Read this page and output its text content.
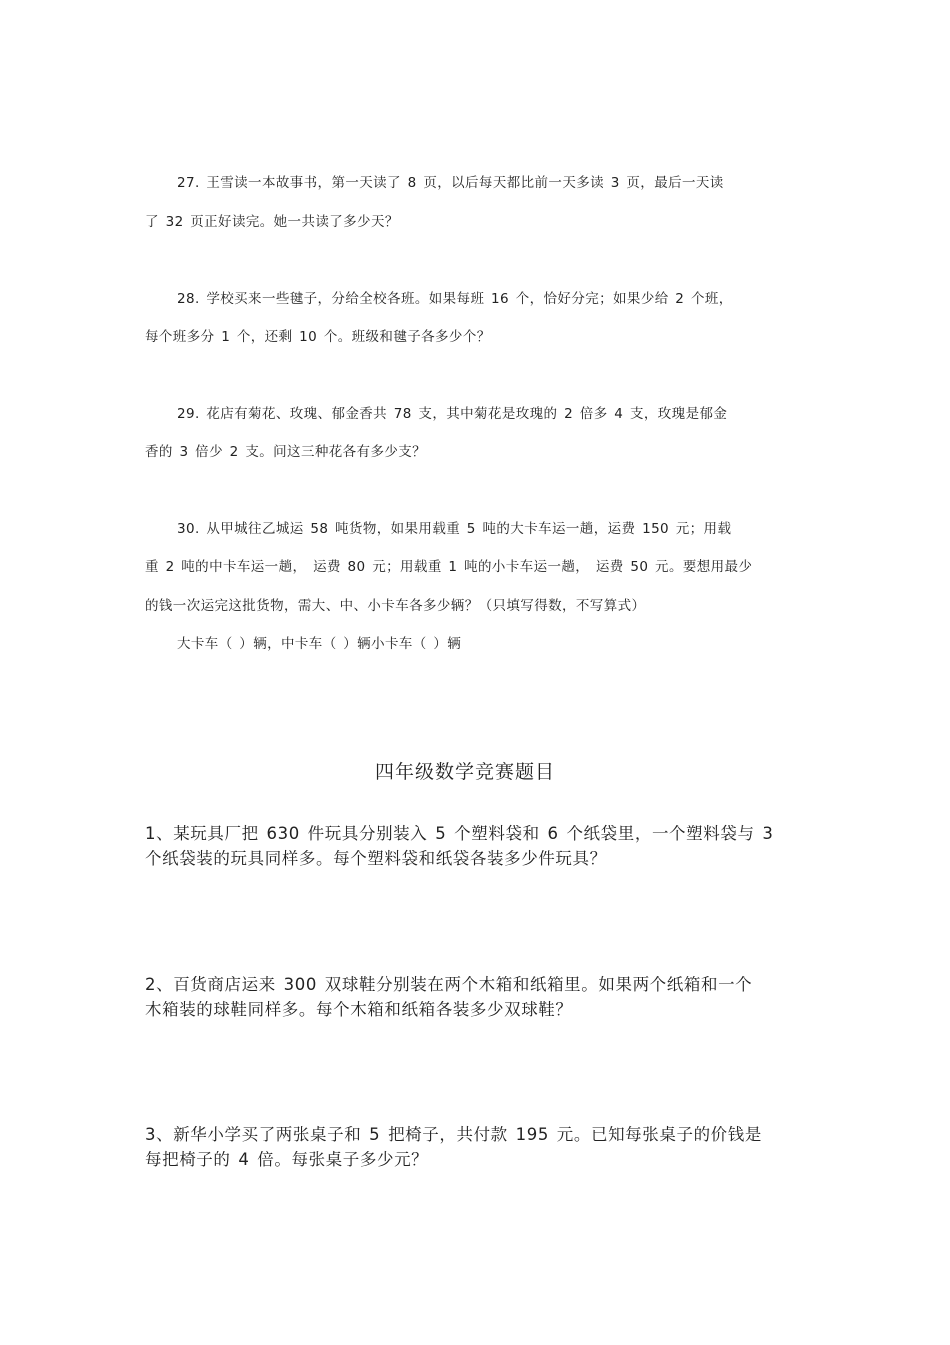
27. 王雪读一本故事书，第一天读了 8 页，以后每天都比前一天多读 3 页，最后一天读
了 32 页正好读完。她一共读了多少天？
28. 学校买来一些毽子，分给全校各班。如果每班 16 个，恰好分完；如果少给 2 个班，
每个班多分 1 个，还剩 10 个。班级和毽子各多少个？
29. 花店有菊花、玫瑰、郁金香共 78 支，其中菊花是玫瑰的 2 倍多 4 支，玫瑰是郁金
香的 3 倍少 2 支。问这三种花各有多少支？
30. 从甲城往乙城运 58 吨货物，如果用载重 5 吨的大卡车运一趟，运费 150 元；用载
重 2 吨的中卡车运一趟， 运费 80 元；用载重 1 吨的小卡车运一趟， 运费 50 元。要想用最少
的钱一次运完这批货物，需大、中、小卡车各多少辆？（只填写得数，不写算式）
大卡车（ ）辆，中卡车（ ）辆小卡车（ ）辆
四年级数学竞赛题目
1、某玩具厂把 630 件玩具分别装入 5 个塑料袋和 6 个纸袋里，一个塑料袋与 3
个纸袋装的玩具同样多。每个塑料袋和纸袋各装多少件玩具？
2、百货商店运来 300 双球鞋分别装在两个木箱和纸箱里。如果两个纸箱和一个
木箱装的球鞋同样多。每个木箱和纸箱各装多少双球鞋？
3、新华小学买了两张桌子和 5 把椅子，共付款 195 元。已知每张桌子的价钱是
每把椅子的 4 倍。每张桌子多少元？
